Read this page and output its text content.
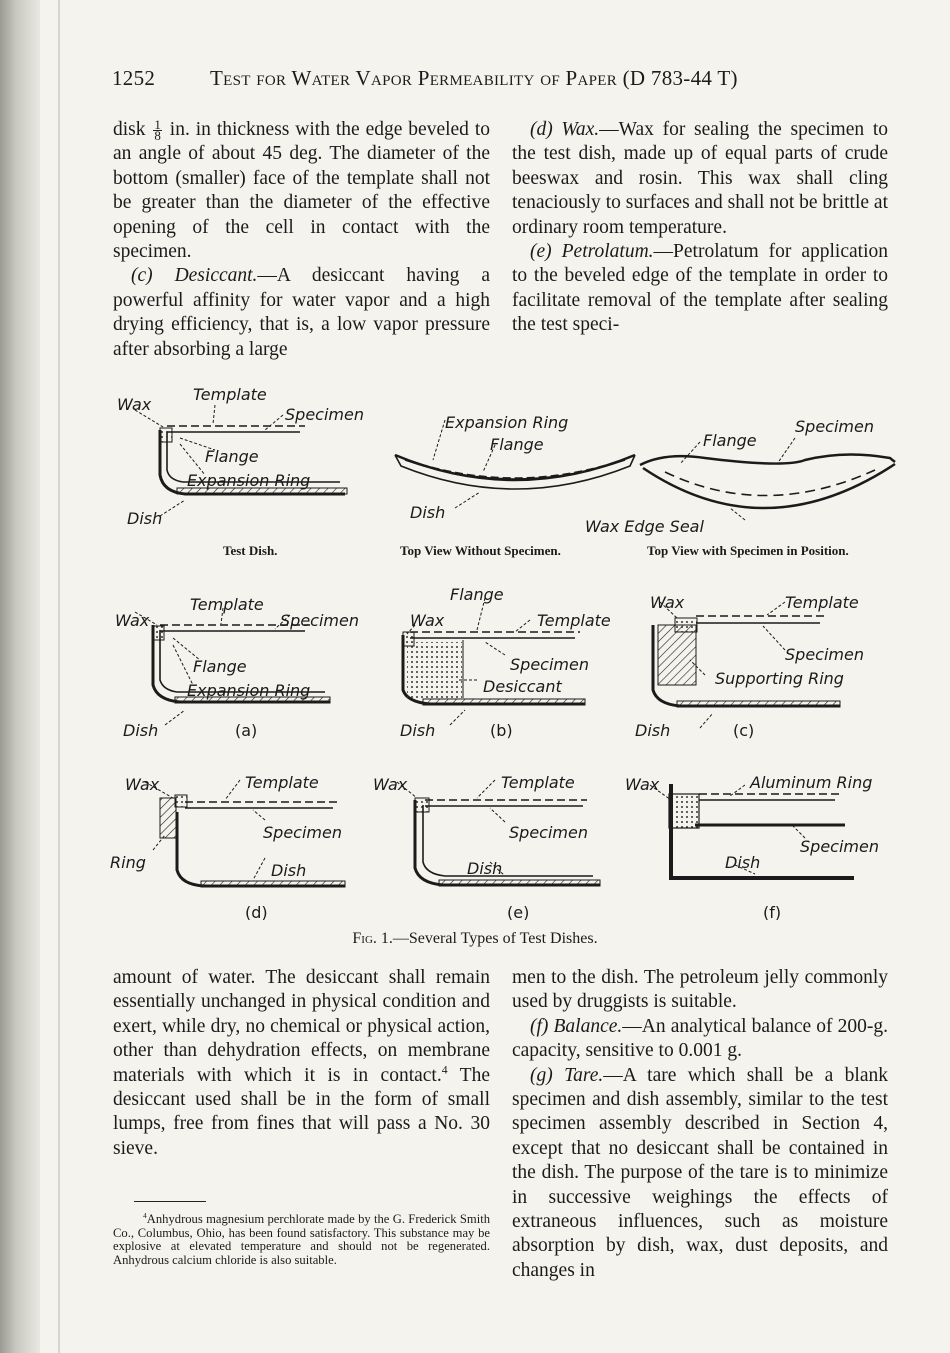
1252	Test for Water Vapor Permeability of Paper (D 783-44 T)

disk $\frac{1}{8}$ in. in thickness with the edge beveled to an angle of about 45 deg. The diameter of the bottom (smaller) face of the template shall not be greater than the diameter of the effective opening of the cell in contact with the specimen.

(c) Desiccant.—A desiccant having a powerful affinity for water vapor and a high drying efficiency, that is, a low vapor pressure after absorbing a large

(d) Wax.—Wax for sealing the specimen to the test dish, made up of equal parts of crude beeswax and rosin. This wax shall cling tenaciously to surfaces and shall not be brittle at ordinary room temperature.

(e) Petrolatum.—Petrolatum for application to the beveled edge of the template in order to facilitate removal of the template after sealing the test speci-

Wax
Template
Specimen
Flange
Expansion Ring
Dish
Test Dish.
Expansion Ring
Flange
Dish
Top View Without Specimen.
Flange
Specimen
Wax Edge Seal
Top View with Specimen in Position.
Template
Wax	Specimen
Flange
Expansion Ring
Dish	(a)
Flange
Wax	Template
Specimen
Desiccant
Dish	(b)
Wax	Template
Specimen
Supporting Ring
Dish	(c)
Wax	Template
Specimen
Dish
Ring
(d)
Wax	Template
Specimen
Dish
(e)
Wax	Aluminum Ring
Specimen
Dish
(f)
Fig. 1.—Several Types of Test Dishes.

amount of water. The desiccant shall remain essentially unchanged in physical condition and exert, while dry, no chemical or physical action, other than dehydration effects, on membrane materials with which it is in contact.$^4$ The desiccant used shall be in the form of small lumps, free from fines that will pass a No. 30 sieve.

men to the dish. The petroleum jelly commonly used by druggists is suitable.

(f) Balance.—An analytical balance of 200-g. capacity, sensitive to 0.001 g.

(g) Tare.—A tare which shall be a blank specimen and dish assembly, similar to the test specimen assembly described in Section 4, except that no desiccant shall be contained in the dish. The purpose of the tare is to minimize in successive weighings the effects of extraneous influences, such as moisture absorption by dish, wax, dust deposits, and changes in

$^4$Anhydrous magnesium perchlorate made by the G. Frederick Smith Co., Columbus, Ohio, has been found satisfactory. This substance may be explosive at elevated temperature and should not be regenerated. Anhydrous calcium chloride is also suitable.
